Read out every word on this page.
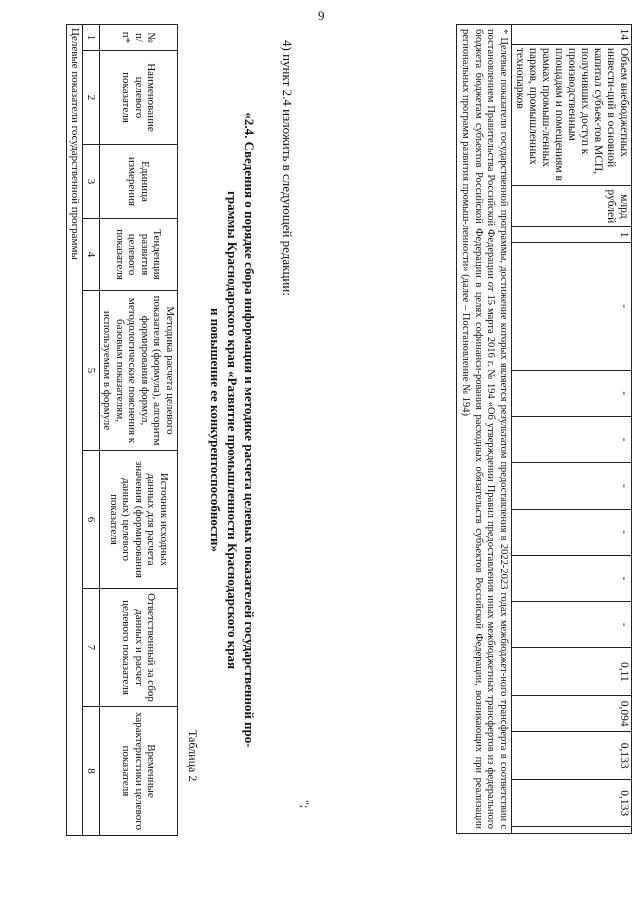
9
14	Объем внебюджетных инвести-ций в основной капитал субъек-тов МСП, получивших доступ к производственным площадям и помещениям в рамках промыш-ленных парков, промышленных технопарков	млрд рублей	1	-	-	-	-	-	-	-	0,11	0,094	0,133	0,133	
* Целевые показатели государственной программы, достижение которых является результатом предоставления в 2022-2023 годах межбюджет-ного трансферта в соответствии с постановлением Правительства Российской Федерации от 15 марта 2016 г. № 194 «Об утверждении Правил предоставления иных межбюджетных трансфертов из федерального бюджета бюджетам субъектов Российской Федерации в целях софинанси-рования расходных обязательств субъектов Российской Федерации, возникающих при реализации региональных программ развития промыш-ленности» (далее – Постановление № 194)
";
4) пункт 2.4 изложить в следующей редакции:
«2.4. Сведения о порядке сбора информации и методике расчета целевых показателей государственной про-
граммы Краснодарского края «Развитие промышленности Краснодарского края
и повышение ее конкурентоспособности»
Таблица 2
№ п/п*	Наименование целевого показателя	Единица измерения	Тенденция развития целевого показателя	Методика расчета целевого показателя (формула), алгоритм формирования формул, методологические пояснения к базовым показателям, используемым в формуле	Источник исходных данных для расчета значения (формирования данных) целевого показателя	Ответственный за сбор данных и расчет целевого показателя	Временные характеристики целевого показателя
1	2	3	4	5	6	7	8
Целевые показатели государственной программы							
